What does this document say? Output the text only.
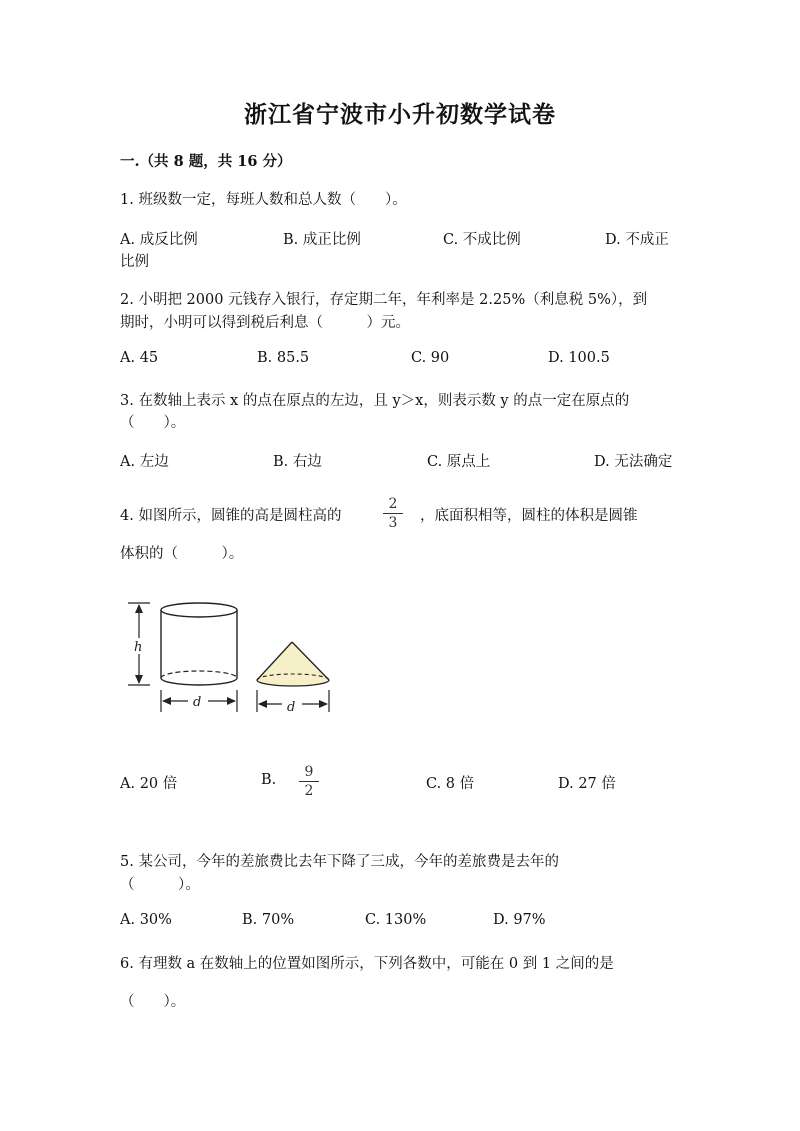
浙江省宁波市小升初数学试卷
一.（共 8 题，共 16 分）
1. 班级数一定，每班人数和总人数（　　）。
A. 成反比例	B. 成正比例	C. 不成比例	D. 不成正
比例
2. 小明把 2000 元钱存入银行，存定期二年，年利率是 2.25%（利息税 5%），到
期时，小明可以得到税后利息（　　　）元。
A. 45	B. 85.5	C. 90	D. 100.5
3. 在数轴上表示 x 的点在原点的左边，且 y＞x，则表示数 y 的点一定在原点的
（　　）。
A. 左边	B. 右边	C. 原点上	D. 无法确定
4. 如图所示，圆锥的高是圆柱高的	$\frac{2}{3}$ ，底面积相等，圆柱的体积是圆锥
体积的（　　　）。
h
d	d
A. 20 倍	B. $\frac{9}{2}$	C. 8 倍	D. 27 倍
5. 某公司，今年的差旅费比去年下降了三成，今年的差旅费是去年的
（　　　）。
A. 30%	B. 70%	C. 130%	D. 97%
6. 有理数 a 在数轴上的位置如图所示，下列各数中，可能在 0 到 1 之间的是
（　　）。
